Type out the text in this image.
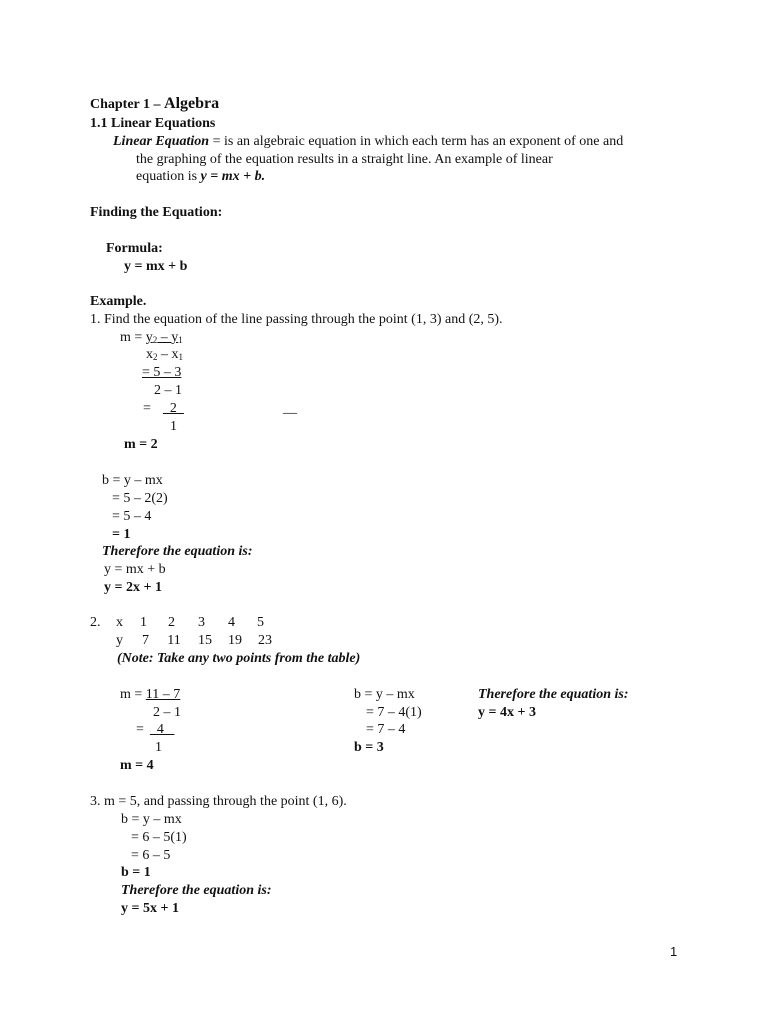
Chapter 1 – Algebra
1.1 Linear Equations
Linear Equation = is an algebraic equation in which each term has an exponent of one and
the graphing of the equation results in a straight line. An example of linear
equation is y = mx + b.
Finding the Equation:
Formula:
y = mx + b
Example.
1. Find the equation of the line passing through the point (1, 3) and (2, 5).
$m = y_2 - y_1$
$x_2 - x_1$
= 5 – 3
2 – 1
=  2	__
1
m = 2
b = y – mx
= 5 – 2(2)
= 5 – 4
= 1
Therefore the equation is:
y = mx + b
y = 2x + 1
2. x 1 2 3 4 5
y 7 11 15 19 23
(Note: Take any two points from the table)
m = 11 – 7
2 – 1
=  4
1
m = 4
b = y – mx
= 7 – 4(1)
= 7 – 4
b = 3
Therefore the equation is:
y = 4x + 3
3. m = 5, and passing through the point (1, 6).
b = y – mx
= 6 – 5(1)
= 6 – 5
b = 1
Therefore the equation is:
y = 5x + 1
1
